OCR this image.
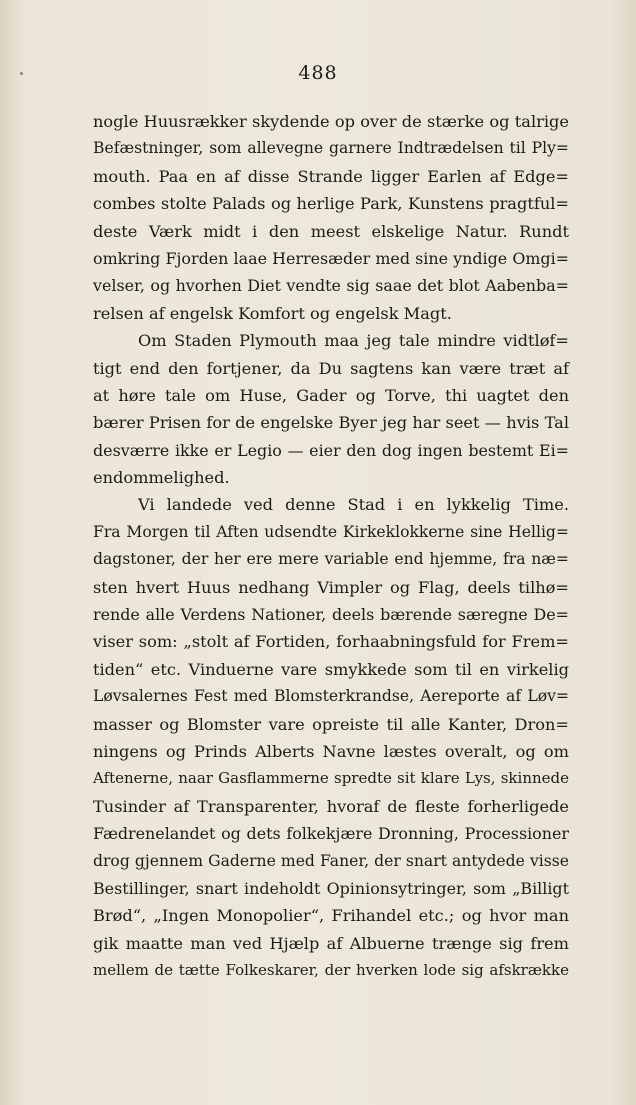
488
nogle Huusrækker skydende op over de stærke og talrige
Befæstninger, som allevegne garnere Indtrædelsen til Ply=
mouth. Paa en af disse Strande ligger Earlen af Edge=
combes stolte Palads og herlige Park, Kunstens pragtful=
deste Værk midt i den meest elskelige Natur. Rundt
omkring Fjorden laae Herresæder med sine yndige Omgi=
velser, og hvorhen Diet vendte sig saae det blot Aabenba=
relsen af engelsk Komfort og engelsk Magt.
Om Staden Plymouth maa jeg tale mindre vidtløf=
tigt end den fortjener, da Du sagtens kan være træt af
at høre tale om Huse, Gader og Torve, thi uagtet den
bærer Prisen for de engelske Byer jeg har seet — hvis Tal
desværre ikke er Legio — eier den dog ingen bestemt Ei=
endommelighed.
Vi landede ved denne Stad i en lykkelig Time.
Fra Morgen til Aften udsendte Kirkeklokkerne sine Hellig=
dagstoner, der her ere mere variable end hjemme, fra næ=
sten hvert Huus nedhang Vimpler og Flag, deels tilhø=
rende alle Verdens Nationer, deels bærende særegne De=
viser som: „stolt af Fortiden, forhaabningsfuld for Frem=
tiden“ etc. Vinduerne vare smykkede som til en virkelig
Løvsalernes Fest med Blomsterkrandse, Aereporte af Løv=
masser og Blomster vare opreiste til alle Kanter, Dron=
ningens og Prinds Alberts Navne læstes overalt, og om
Aftenerne, naar Gasflammerne spredte sit klare Lys, skinnede
Tusinder af Transparenter, hvoraf de fleste forherligede
Fædrenelandet og dets folkekjære Dronning, Processioner
drog gjennem Gaderne med Faner, der snart antydede visse
Bestillinger, snart indeholdt Opinionsytringer, som „Billigt
Brød“, „Ingen Monopolier“, Frihandel etc.; og hvor man
gik maatte man ved Hjælp af Albuerne trænge sig frem
mellem de tætte Folkeskarer, der hverken lode sig afskrække
